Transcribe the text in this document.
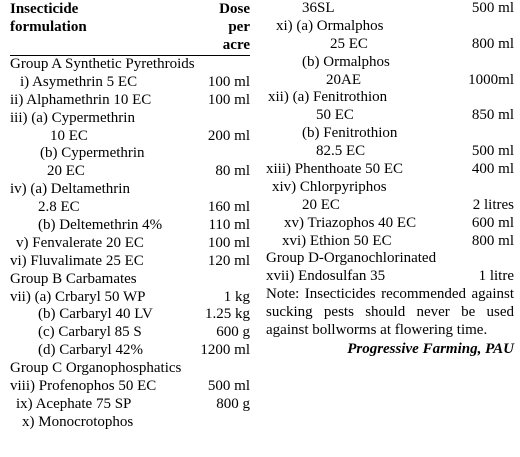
Insecticide	Dose
formulation	per
acre
Group A Synthetic Pyrethroids
i) Asymethrin 5 EC	100 ml
ii) Alphamethrin 10 EC	100 ml
iii) (a) Cypermethrin
10 EC	200 ml
(b) Cypermethrin
20 EC	80 ml
iv) (a) Deltamethrin
2.8 EC	160 ml
(b) Deltemethrin 4%	110 ml
v) Fenvalerate 20 EC	100 ml
vi) Fluvalimate 25 EC	120 ml
Group B Carbamates
vii) (a) Crbaryl 50 WP	1 kg
(b) Carbaryl 40 LV	1.25 kg
(c) Carbaryl 85 S	600 g
(d) Carbaryl 42%	1200 ml
Group C Organophosphatics
viii) Profenophos 50 EC	500 ml
ix) Acephate 75 SP	800 g
x) Monocrotophos
36SL	500 ml
xi) (a) Ormalphos
25 EC	800 ml
(b) Ormalphos
20AE	1000ml
xii) (a) Fenitrothion
50 EC	850 ml
(b) Fenitrothion
82.5 EC	500 ml
xiii) Phenthoate 50 EC	400 ml
xiv) Chlorpyriphos
20 EC	2 litres
xv) Triazophos 40 EC	600 ml
xvi) Ethion 50 EC	800 ml
Group D-Organochlorinated
xvii) Endosulfan 35	1 litre
Note: Insecticides recommended against sucking pests should never be used against bollworms at flowering time.
Progressive Farming, PAU
